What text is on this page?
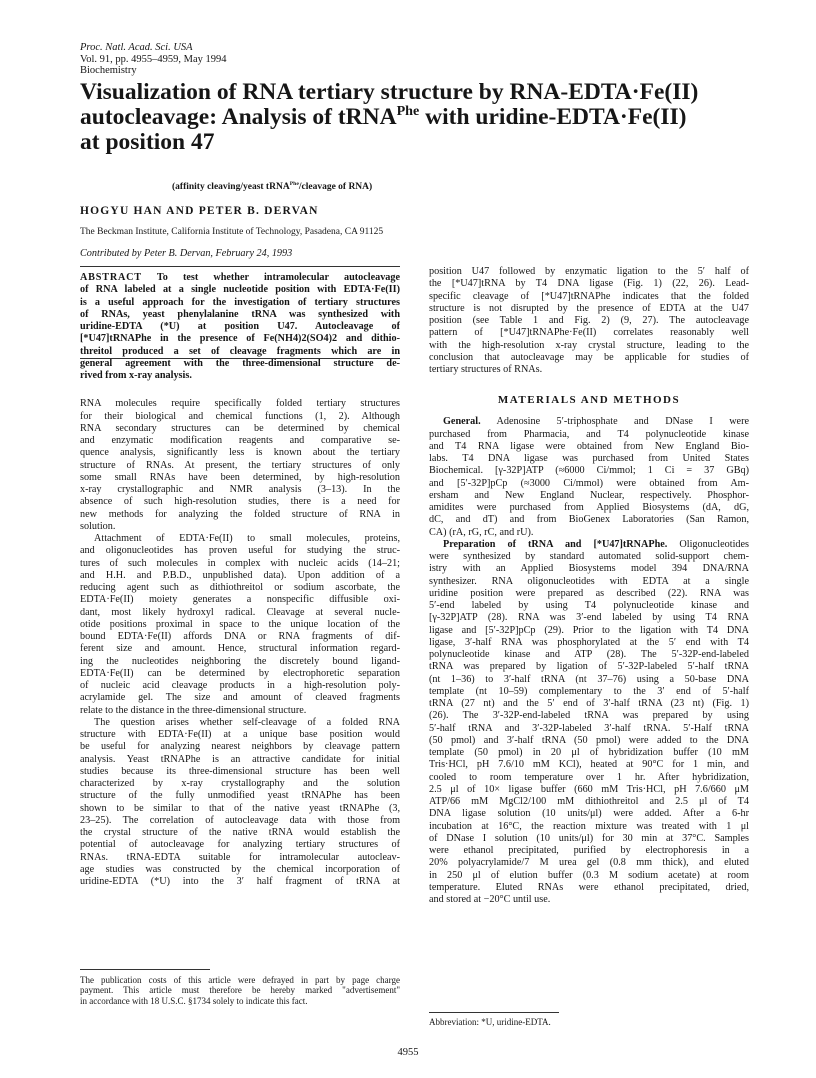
Proc. Natl. Acad. Sci. USA
Vol. 91, pp. 4955–4959, May 1994
Biochemistry
Visualization of RNA tertiary structure by RNA-EDTA·Fe(II)
autocleavage: Analysis of tRNA$^{Phe}$ with uridine-EDTA·Fe(II)
at position 47
(affinity cleaving/yeast tRNA$^{Phe}$/cleavage of RNA)
HOGYU HAN AND PETER B. DERVAN
The Beckman Institute, California Institute of Technology, Pasadena, CA 91125
Contributed by Peter B. Dervan, February 24, 1993
ABSTRACT To test whether intramolecular autocleavage
of RNA labeled at a single nucleotide position with EDTA·Fe(II)
is a useful approach for the investigation of tertiary structures
of RNAs, yeast phenylalanine tRNA was synthesized with
uridine-EDTA (*U) at position U47. Autocleavage of
[*U47]tRNAPhe in the presence of Fe(NH4)2(SO4)2 and dithio-
threitol produced a set of cleavage fragments which are in
general agreement with the three-dimensional structure de-
rived from x-ray analysis.
RNA molecules require specifically folded tertiary structures
for their biological and chemical functions (1, 2). Although
RNA secondary structures can be determined by chemical
and enzymatic modification reagents and comparative se-
quence analysis, significantly less is known about the tertiary
structure of RNAs. At present, the tertiary structures of only
some small RNAs have been determined, by high-resolution
x-ray crystallographic and NMR analysis (3–13). In the
absence of such high-resolution studies, there is a need for
new methods for analyzing the folded structure of RNA in
solution.
Attachment of EDTA·Fe(II) to small molecules, proteins,
and oligonucleotides has proven useful for studying the struc-
tures of such molecules in complex with nucleic acids (14–21;
and H.H. and P.B.D., unpublished data). Upon addition of a
reducing agent such as dithiothreitol or sodium ascorbate, the
EDTA·Fe(II) moiety generates a nonspecific diffusible oxi-
dant, most likely hydroxyl radical. Cleavage at several nucle-
otide positions proximal in space to the unique location of the
bound EDTA·Fe(II) affords DNA or RNA fragments of dif-
ferent size and amount. Hence, structural information regard-
ing the nucleotides neighboring the discretely bound ligand-
EDTA·Fe(II) can be determined by electrophoretic separation
of nucleic acid cleavage products in a high-resolution poly-
acrylamide gel. The size and amount of cleaved fragments
relate to the distance in the three-dimensional structure.
The question arises whether self-cleavage of a folded RNA
structure with EDTA·Fe(II) at a unique base position would
be useful for analyzing nearest neighbors by cleavage pattern
analysis. Yeast tRNAPhe is an attractive candidate for initial
studies because its three-dimensional structure has been well
characterized by x-ray crystallography and the solution
structure of the fully unmodified yeast tRNAPhe has been
shown to be similar to that of the native yeast tRNAPhe (3,
23–25). The correlation of autocleavage data with those from
the crystal structure of the native tRNA would establish the
potential of autocleavage for analyzing tertiary structures of
RNAs. tRNA-EDTA suitable for intramolecular autocleav-
age studies was constructed by the chemical incorporation of
uridine-EDTA (*U) into the 3′ half fragment of tRNA at
The publication costs of this article were defrayed in part by page charge
payment. This article must therefore be hereby marked "advertisement"
in accordance with 18 U.S.C. §1734 solely to indicate this fact.
position U47 followed by enzymatic ligation to the 5′ half of
the [*U47]tRNA by T4 DNA ligase (Fig. 1) (22, 26). Lead-
specific cleavage of [*U47]tRNAPhe indicates that the folded
structure is not disrupted by the presence of EDTA at the U47
position (see Table 1 and Fig. 2) (9, 27). The autocleavage
pattern of [*U47]tRNAPhe·Fe(II) correlates reasonably well
with the high-resolution x-ray crystal structure, leading to the
conclusion that autocleavage may be applicable for studies of
tertiary structures of RNAs.
MATERIALS AND METHODS
General. Adenosine 5′-triphosphate and DNase I were
purchased from Pharmacia, and T4 polynucleotide kinase
and T4 RNA ligase were obtained from New England Bio-
labs. T4 DNA ligase was purchased from United States
Biochemical. [γ-32P]ATP (≈6000 Ci/mmol; 1 Ci = 37 GBq)
and [5′-32P]pCp (≈3000 Ci/mmol) were obtained from Am-
ersham and New England Nuclear, respectively. Phosphor-
amidites were purchased from Applied Biosystems (dA, dG,
dC, and dT) and from BioGenex Laboratories (San Ramon,
CA) (rA, rG, rC, and rU).
Preparation of tRNA and [*U47]tRNAPhe. Oligonucleotides
were synthesized by standard automated solid-support chem-
istry with an Applied Biosystems model 394 DNA/RNA
synthesizer. RNA oligonucleotides with EDTA at a single
uridine position were prepared as described (22). RNA was
5′-end labeled by using T4 polynucleotide kinase and
[γ-32P]ATP (28). RNA was 3′-end labeled by using T4 RNA
ligase and [5′-32P]pCp (29). Prior to the ligation with T4 DNA
ligase, 3′-half RNA was phosphorylated at the 5′ end with T4
polynucleotide kinase and ATP (28). The 5′-32P-end-labeled
tRNA was prepared by ligation of 5′-32P-labeled 5′-half tRNA
(nt 1–36) to 3′-half tRNA (nt 37–76) using a 50-base DNA
template (nt 10–59) complementary to the 3′ end of 5′-half
tRNA (27 nt) and the 5′ end of 3′-half tRNA (23 nt) (Fig. 1)
(26). The 3′-32P-end-labeled tRNA was prepared by using
5′-half tRNA and 3′-32P-labeled 3′-half tRNA. 5′-Half tRNA
(50 pmol) and 3′-half tRNA (50 pmol) were added to the DNA
template (50 pmol) in 20 μl of hybridization buffer (10 mM
Tris·HCl, pH 7.6/10 mM KCl), heated at 90°C for 1 min, and
cooled to room temperature over 1 hr. After hybridization,
2.5 μl of 10× ligase buffer (660 mM Tris·HCl, pH 7.6/660 μM
ATP/66 mM MgCl2/100 mM dithiothreitol and 2.5 μl of T4
DNA ligase solution (10 units/μl) were added. After a 6-hr
incubation at 16°C, the reaction mixture was treated with 1 μl
of DNase I solution (10 units/μl) for 30 min at 37°C. Samples
were ethanol precipitated, purified by electrophoresis in a
20% polyacrylamide/7 M urea gel (0.8 mm thick), and eluted
in 250 μl of elution buffer (0.3 M sodium acetate) at room
temperature. Eluted RNAs were ethanol precipitated, dried,
and stored at −20°C until use.
Abbreviation: *U, uridine-EDTA.
4955
